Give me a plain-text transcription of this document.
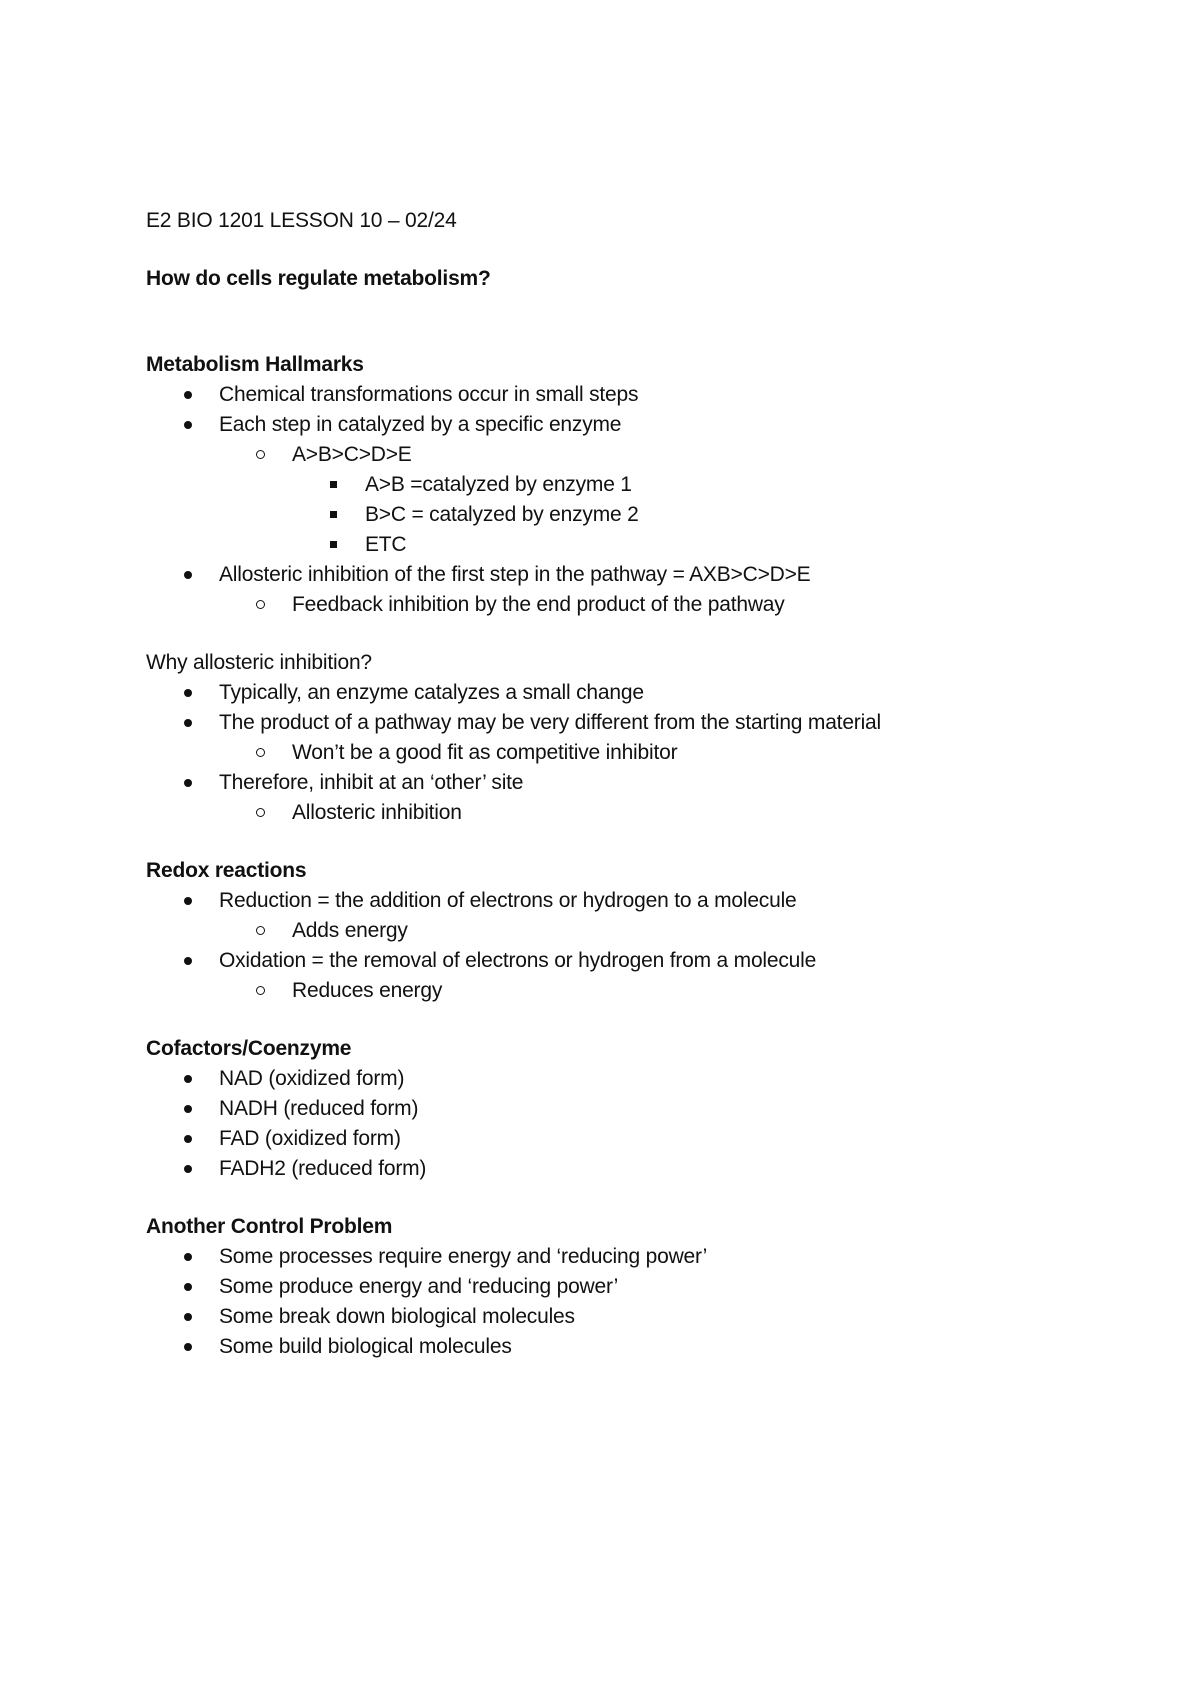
E2 BIO 1201 LESSON 10 – 02/24

How do cells regulate metabolism?

Metabolism Hallmarks

Chemical transformations occur in small steps
Each step in catalyzed by a specific enzyme
A>B>C>D>E
A>B =catalyzed by enzyme 1
B>C = catalyzed by enzyme 2
ETC
Allosteric inhibition of the first step in the pathway = AXB>C>D>E
Feedback inhibition by the end product of the pathway

Why allosteric inhibition?

Typically, an enzyme catalyzes a small change
The product of a pathway may be very different from the starting material
Won’t be a good fit as competitive inhibitor
Therefore, inhibit at an ‘other’ site
Allosteric inhibition

Redox reactions

Reduction = the addition of electrons or hydrogen to a molecule
Adds energy
Oxidation = the removal of electrons or hydrogen from a molecule
Reduces energy

Cofactors/Coenzyme

NAD (oxidized form)
NADH (reduced form)
FAD (oxidized form)
FADH2 (reduced form)

Another Control Problem

Some processes require energy and ‘reducing power’
Some produce energy and ‘reducing power’
Some break down biological molecules
Some build biological molecules
